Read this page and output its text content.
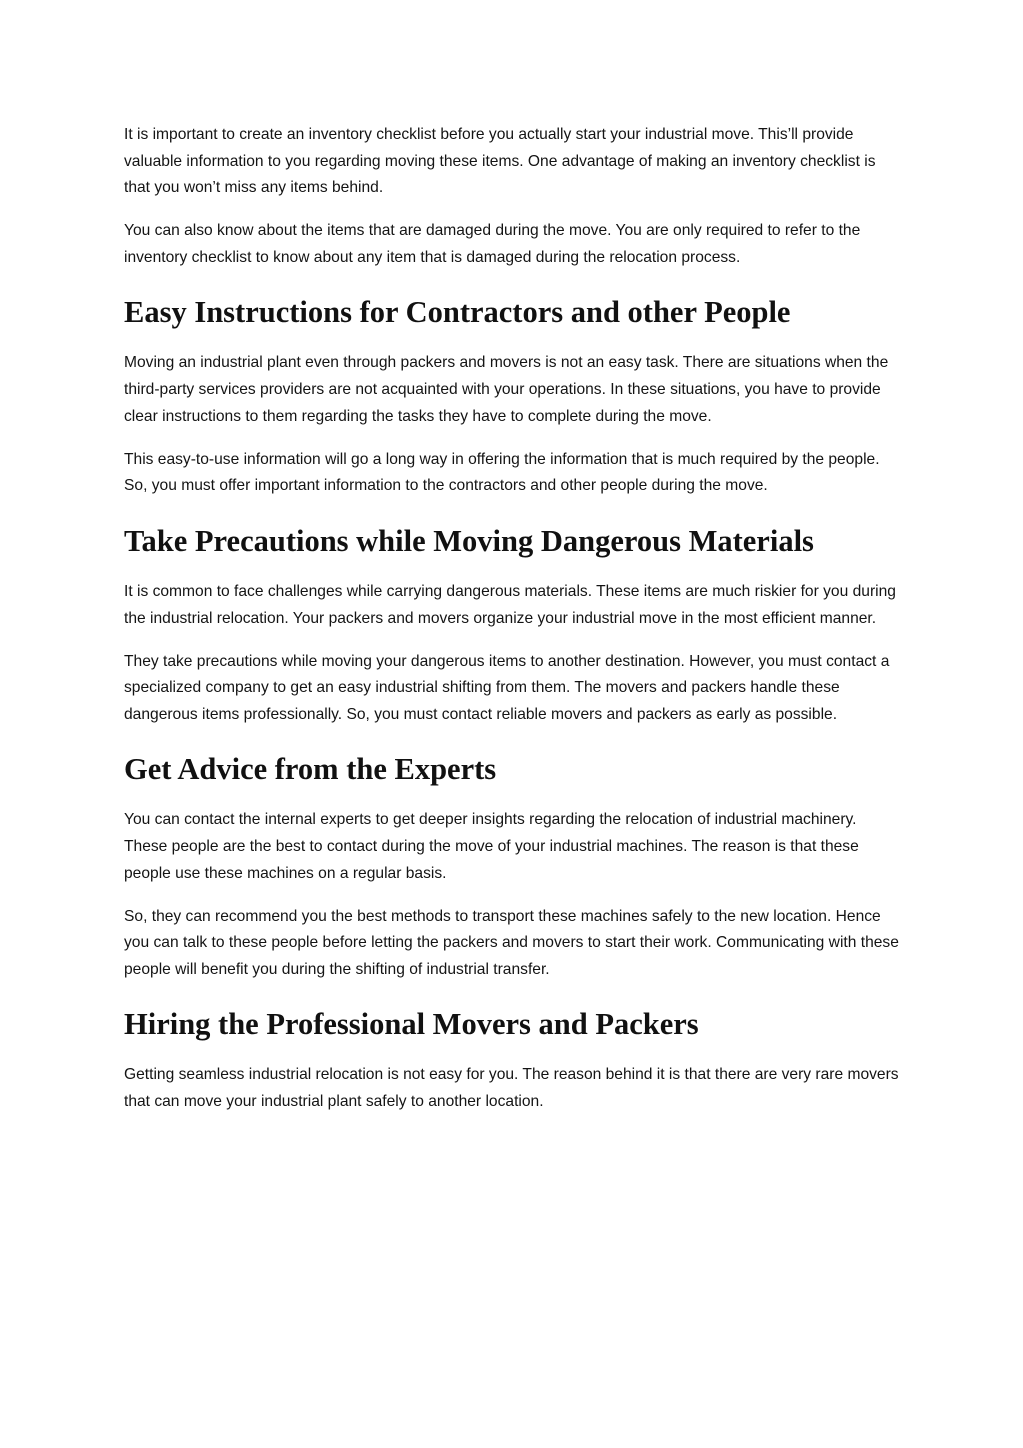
It is important to create an inventory checklist before you actually start your industrial move. This’ll provide valuable information to you regarding moving these items. One advantage of making an inventory checklist is that you won’t miss any items behind.

You can also know about the items that are damaged during the move. You are only required to refer to the inventory checklist to know about any item that is damaged during the relocation process.

Easy Instructions for Contractors and other People

Moving an industrial plant even through packers and movers is not an easy task. There are situations when the third-party services providers are not acquainted with your operations. In these situations, you have to provide clear instructions to them regarding the tasks they have to complete during the move.

This easy-to-use information will go a long way in offering the information that is much required by the people. So, you must offer important information to the contractors and other people during the move.

Take Precautions while Moving Dangerous Materials

It is common to face challenges while carrying dangerous materials. These items are much riskier for you during the industrial relocation. Your packers and movers organize your industrial move in the most efficient manner.

They take precautions while moving your dangerous items to another destination. However, you must contact a specialized company to get an easy industrial shifting from them. The movers and packers handle these dangerous items professionally. So, you must contact reliable movers and packers as early as possible.

Get Advice from the Experts

You can contact the internal experts to get deeper insights regarding the relocation of industrial machinery. These people are the best to contact during the move of your industrial machines. The reason is that these people use these machines on a regular basis.

So, they can recommend you the best methods to transport these machines safely to the new location. Hence you can talk to these people before letting the packers and movers to start their work. Communicating with these people will benefit you during the shifting of industrial transfer.

Hiring the Professional Movers and Packers

Getting seamless industrial relocation is not easy for you. The reason behind it is that there are very rare movers that can move your industrial plant safely to another location.
